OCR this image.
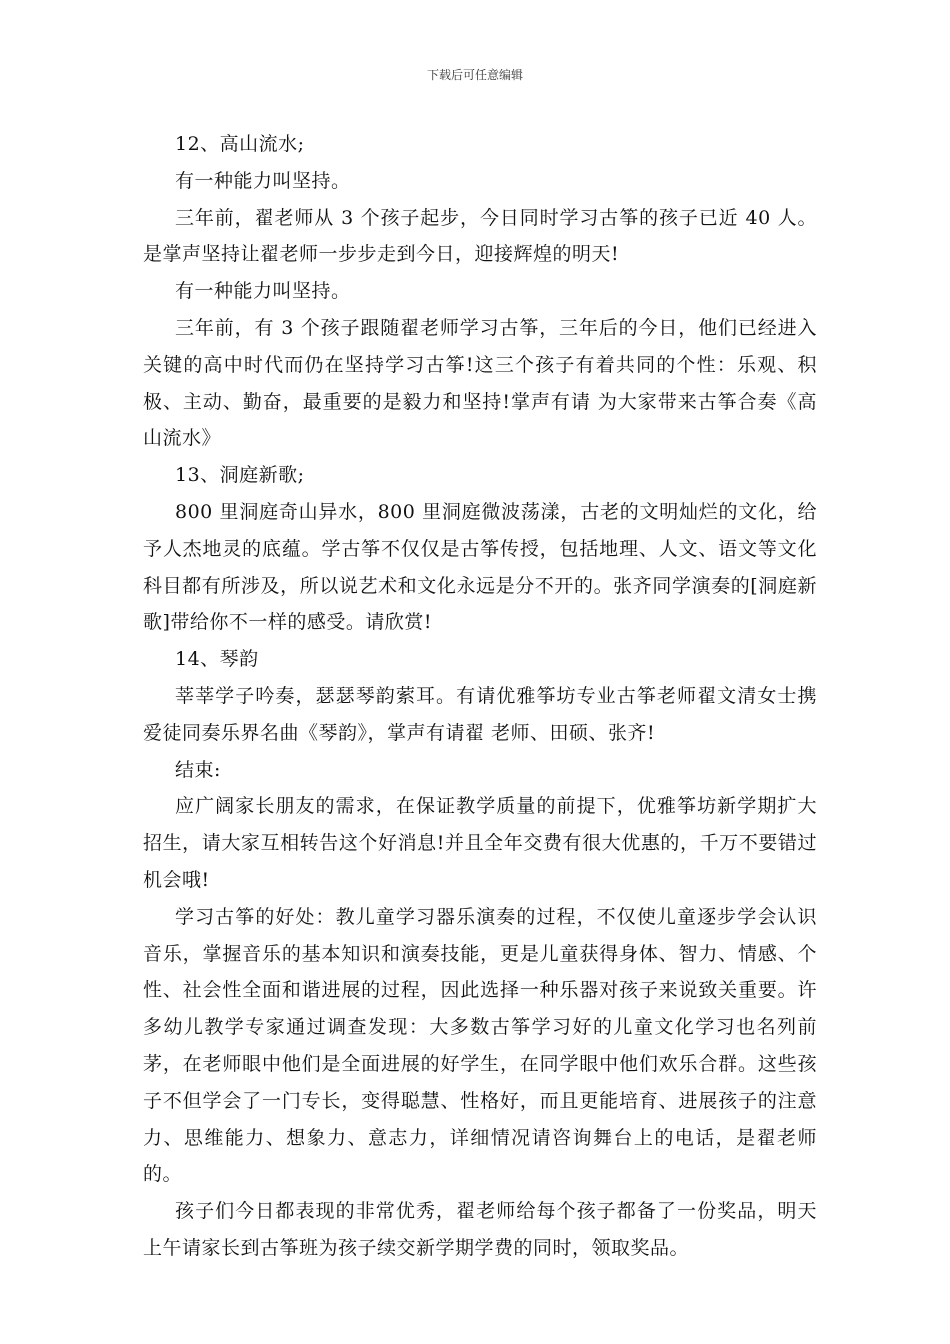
下载后可任意编辑

12、高山流水;

有一种能力叫坚持。

三年前，翟老师从 3 个孩子起步，今日同时学习古筝的孩子已近 40 人。是掌声坚持让翟老师一步步走到今日，迎接辉煌的明天!

有一种能力叫坚持。

三年前，有 3 个孩子跟随翟老师学习古筝，三年后的今日，他们已经进入关键的高中时代而仍在坚持学习古筝!这三个孩子有着共同的个性：乐观、积极、主动、勤奋，最重要的是毅力和坚持!掌声有请 为大家带来古筝合奏《高山流水》

13、洞庭新歌;

800 里洞庭奇山异水，800 里洞庭微波荡漾，古老的文明灿烂的文化，给予人杰地灵的底蕴。学古筝不仅仅是古筝传授，包括地理、人文、语文等文化科目都有所涉及，所以说艺术和文化永远是分不开的。张齐同学演奏的[洞庭新歌]带给你不一样的感受。请欣赏!

14、琴韵

莘莘学子吟奏，瑟瑟琴韵萦耳。有请优雅筝坊专业古筝老师翟文清女士携爱徒同奏乐界名曲《琴韵》，掌声有请翟 老师、田硕、张齐!

结束:

应广阔家长朋友的需求，在保证教学质量的前提下，优雅筝坊新学期扩大招生，请大家互相转告这个好消息!并且全年交费有很大优惠的，千万不要错过机会哦!

学习古筝的好处：教儿童学习器乐演奏的过程，不仅使儿童逐步学会认识音乐，掌握音乐的基本知识和演奏技能，更是儿童获得身体、智力、情感、个性、社会性全面和谐进展的过程，因此选择一种乐器对孩子来说致关重要。许多幼儿教学专家通过调查发现：大多数古筝学习好的儿童文化学习也名列前茅，在老师眼中他们是全面进展的好学生，在同学眼中他们欢乐合群。这些孩子不但学会了一门专长，变得聪慧、性格好，而且更能培育、进展孩子的注意力、思维能力、想象力、意志力，详细情况请咨询舞台上的电话，是翟老师的。

孩子们今日都表现的非常优秀，翟老师给每个孩子都备了一份奖品，明天上午请家长到古筝班为孩子续交新学期学费的同时，领取奖品。
